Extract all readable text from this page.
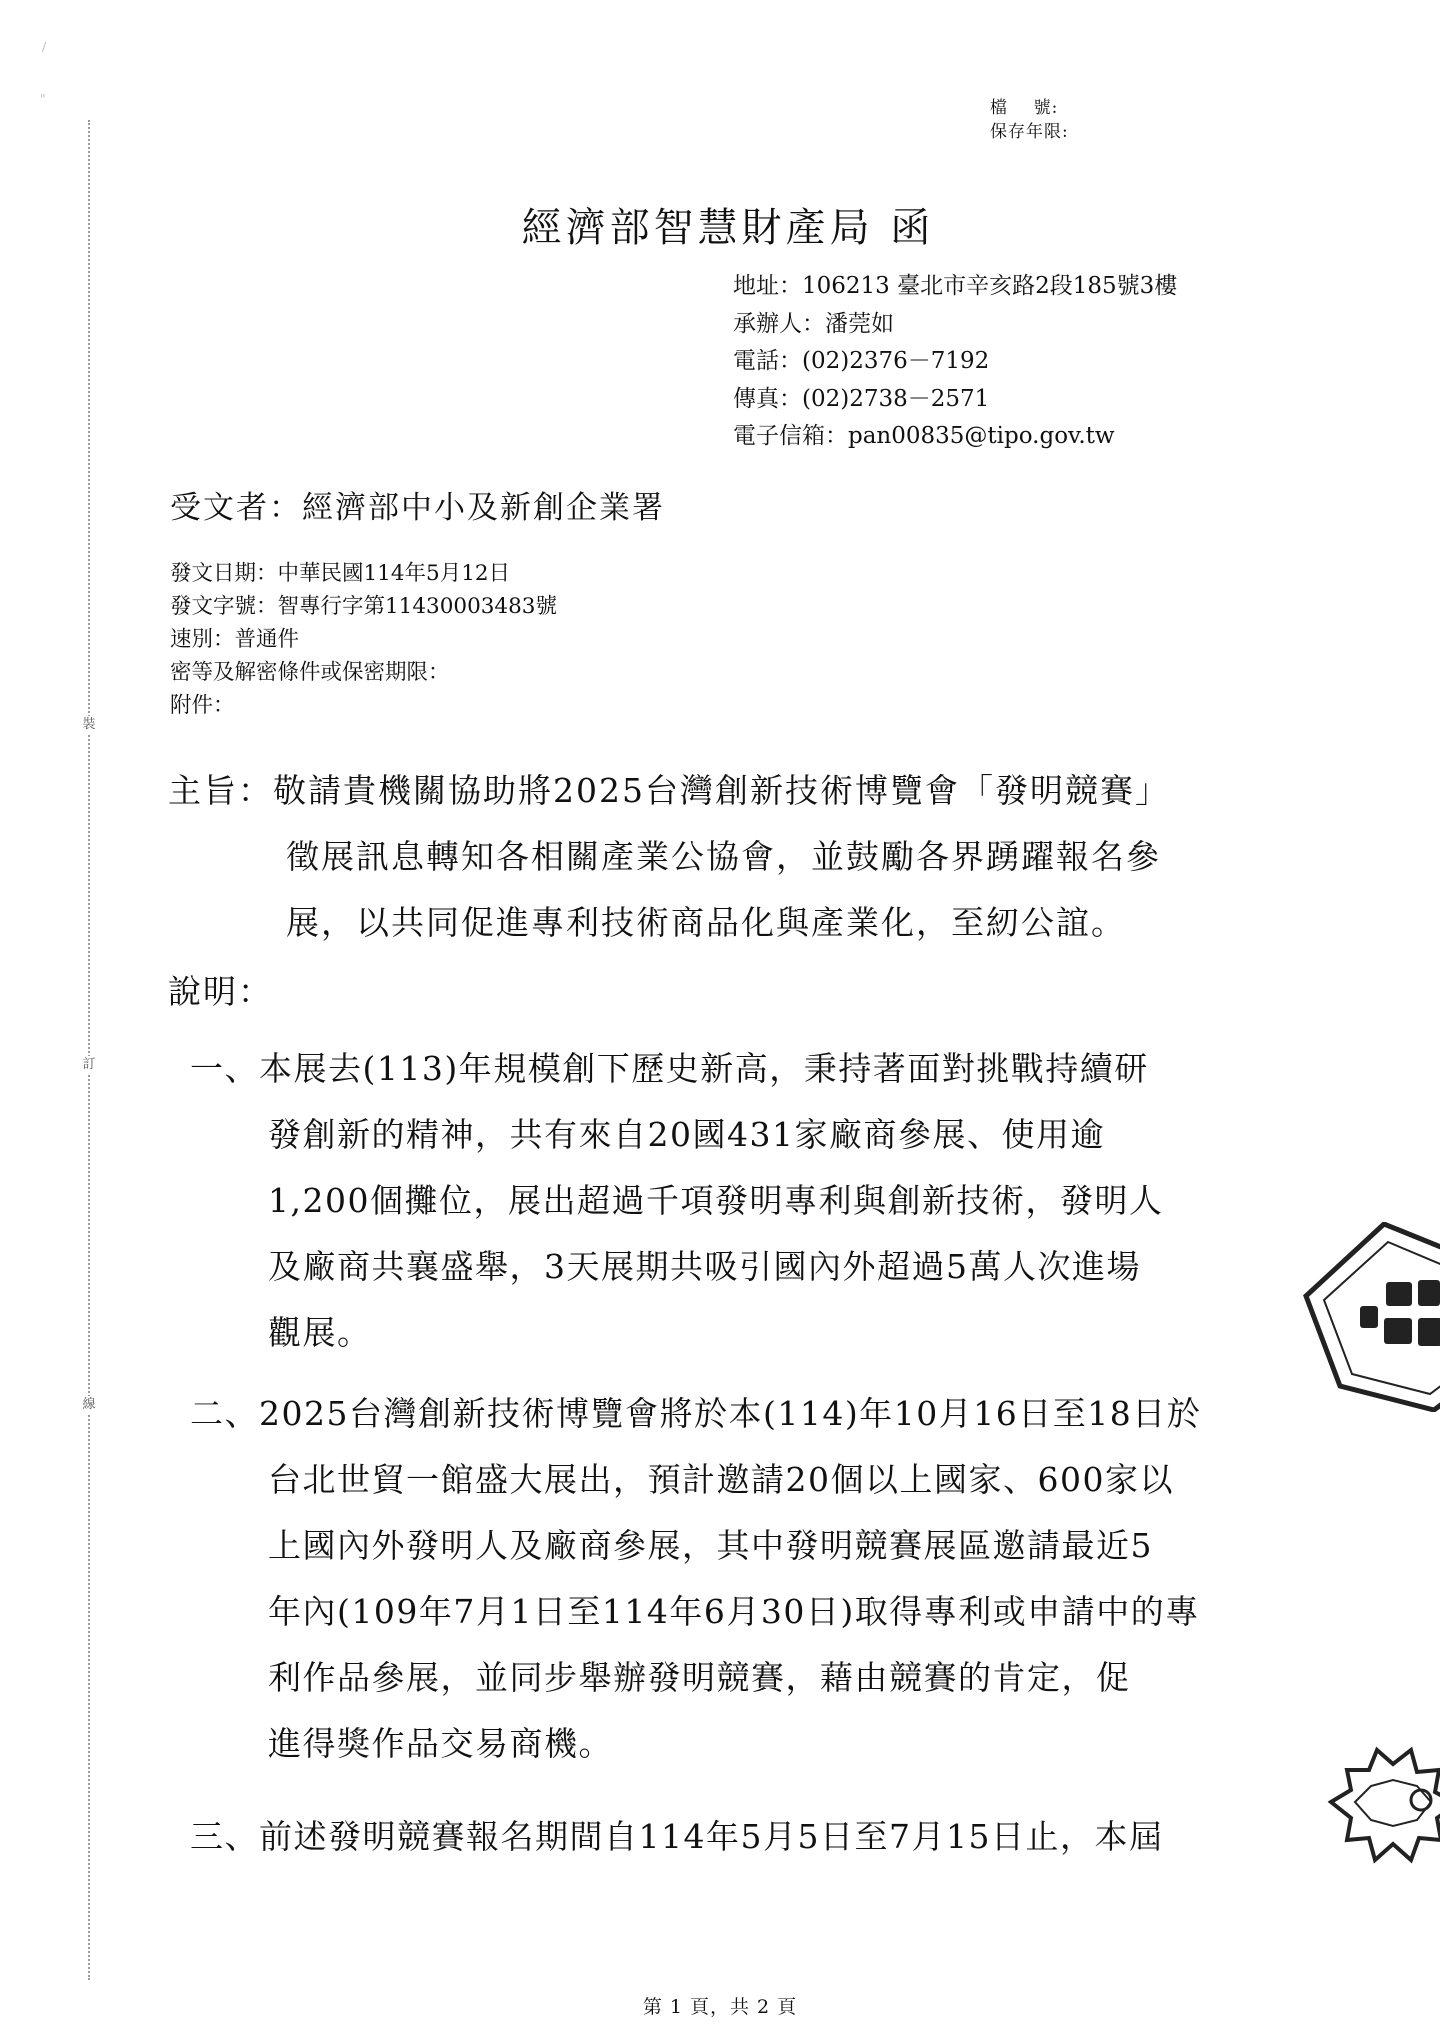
/
"
裝
訂
線
檔    號:
保存年限:
經濟部智慧財產局 函
地址：106213 臺北市辛亥路2段185號3樓
承辦人：潘莞如
電話：(02)2376－7192
傳真：(02)2738－2571
電子信箱：pan00835@tipo.gov.tw
受文者：經濟部中小及新創企業署
發文日期：中華民國114年5月12日
發文字號：智專行字第11430003483號
速別：普通件
密等及解密條件或保密期限：
附件：
主旨：敬請貴機關協助將2025台灣創新技術博覽會「發明競賽」
徵展訊息轉知各相關產業公協會，並鼓勵各界踴躍報名參
展，以共同促進專利技術商品化與產業化，至紉公誼。
說明：
一、本展去(113)年規模創下歷史新高，秉持著面對挑戰持續研
發創新的精神，共有來自20國431家廠商參展、使用逾
1,200個攤位，展出超過千項發明專利與創新技術，發明人
及廠商共襄盛舉，3天展期共吸引國內外超過5萬人次進場
觀展。
二、2025台灣創新技術博覽會將於本(114)年10月16日至18日於
台北世貿一館盛大展出，預計邀請20個以上國家、600家以
上國內外發明人及廠商參展，其中發明競賽展區邀請最近5
年內(109年7月1日至114年6月30日)取得專利或申請中的專
利作品參展，並同步舉辦發明競賽，藉由競賽的肯定，促
進得獎作品交易商機。
三、前述發明競賽報名期間自114年5月5日至7月15日止，本屆
第 1 頁，共 2 頁
